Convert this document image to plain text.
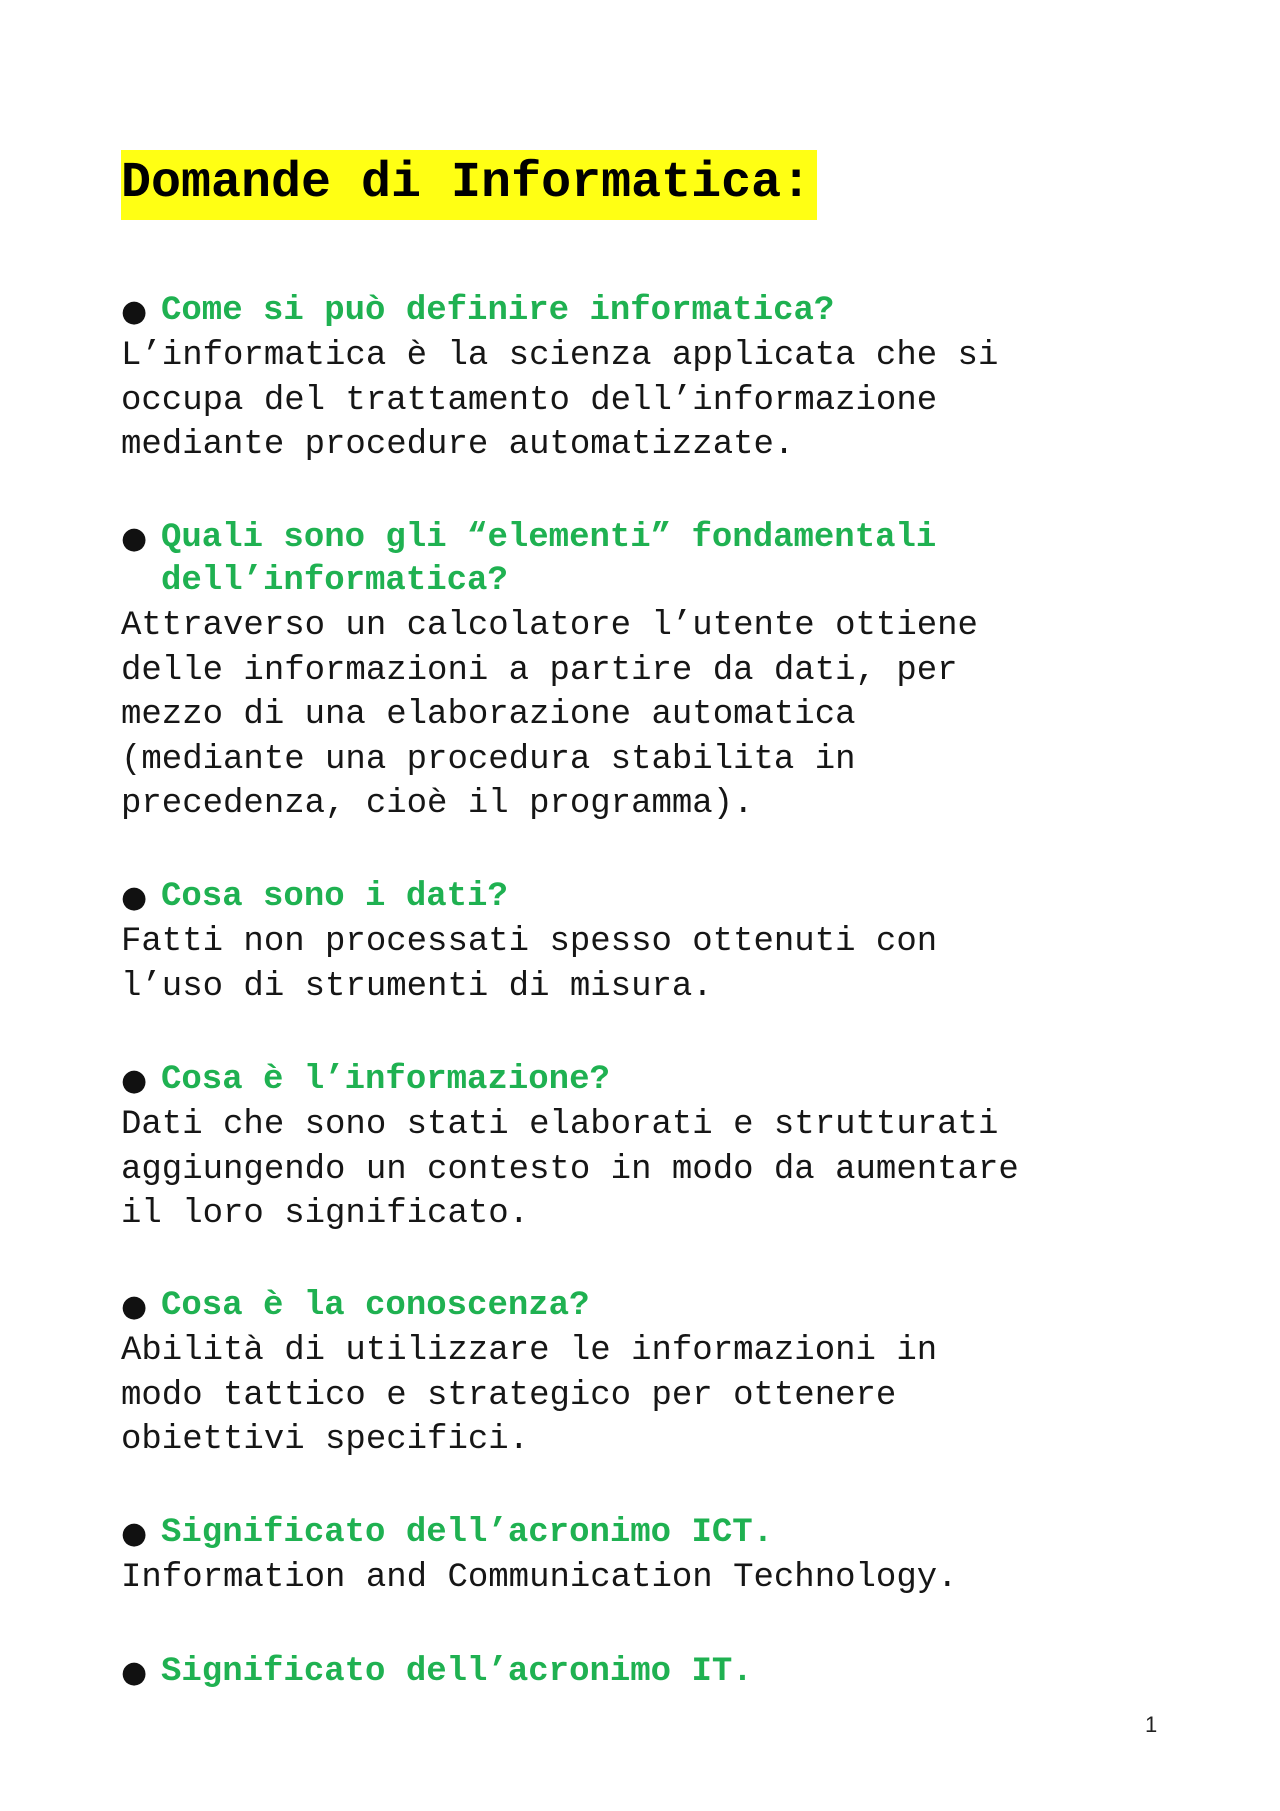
Domande di Informatica:

● Come si può definire informatica?

L’informatica è la scienza applicata che si
occupa del trattamento dell’informazione
mediante procedure automatizzate.

● Quali sono gli “elementi” fondamentali
dell’informatica?

Attraverso un calcolatore l’utente ottiene
delle informazioni a partire da dati, per
mezzo di una elaborazione automatica
(mediante una procedura stabilita in
precedenza, cioè il programma).

● Cosa sono i dati?

Fatti non processati spesso ottenuti con
l’uso di strumenti di misura.

● Cosa è l’informazione?

Dati che sono stati elaborati e strutturati
aggiungendo un contesto in modo da aumentare
il loro significato.

● Cosa è la conoscenza?

Abilità di utilizzare le informazioni in
modo tattico e strategico per ottenere
obiettivi specifici.

● Significato dell’acronimo ICT.

Information and Communication Technology.

● Significato dell’acronimo IT.

1
